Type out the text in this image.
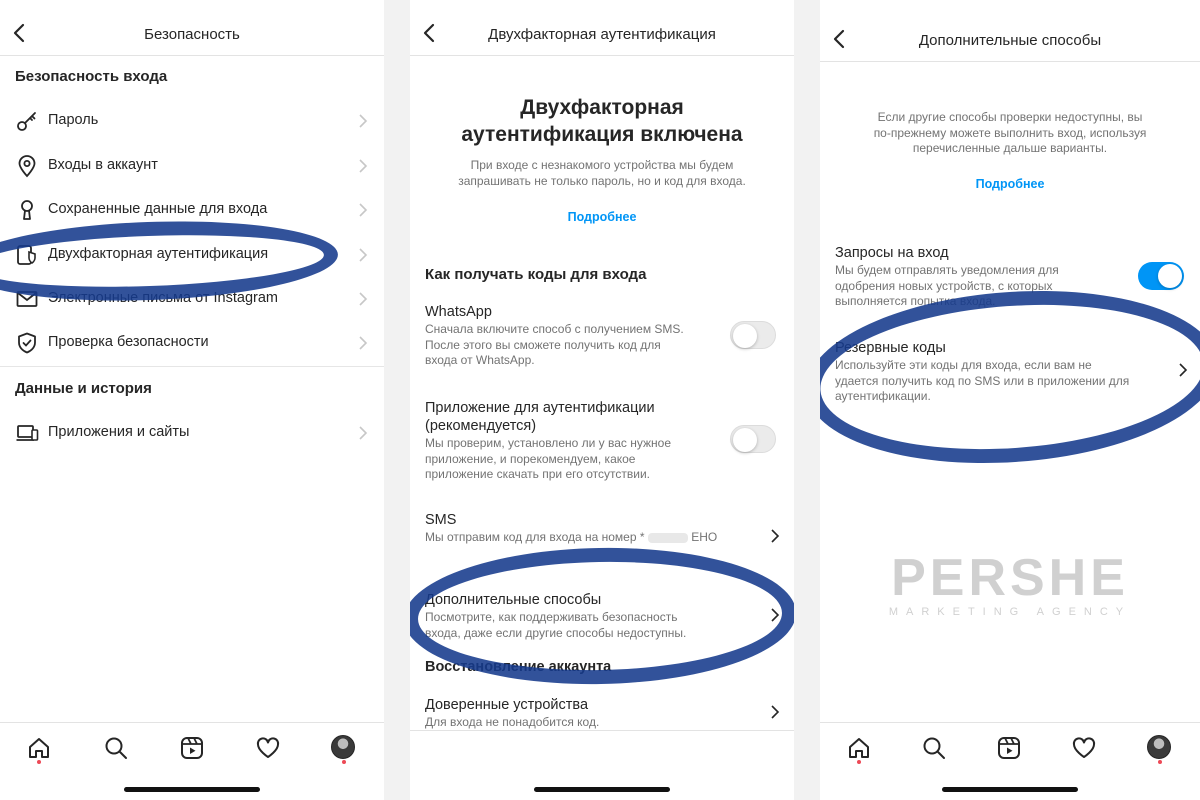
Безопасность
Безопасность входа
Пароль
Входы в аккаунт
Сохраненные данные для входа
Двухфакторная аутентификация
Электронные письма от Instagram
Проверка безопасности
Данные и история
Приложения и сайты
Двухфакторная аутентификация
Двухфакторная
аутентификация включена
При входе с незнакомого устройства мы будем
запрашивать не только пароль, но и код для входа.
Подробнее
Как получать коды для входа
WhatsApp
Сначала включите способ с получением SMS.
После этого вы сможете получить код для
входа от WhatsApp.
Приложение для аутентификации
(рекомендуется)
Мы проверим, установлено ли у вас нужное
приложение, и порекомендуем, какое
приложение скачать при его отсутствии.
SMS
Мы отправим код для входа на номер *	ЕНО
Дополнительные способы
Посмотрите, как поддерживать безопасность
входа, даже если другие способы недоступны.
Восстановление аккаунта
Доверенные устройства
Для входа не понадобится код.
Дополнительные способы
Если другие способы проверки недоступны, вы
по-прежнему можете выполнить вход, используя
перечисленные дальше варианты.
Подробнее
Запросы на вход
Мы будем отправлять уведомления для
одобрения новых устройств, с которых
выполняется попытка входа.
Резервные коды
Используйте эти коды для входа, если вам не
удается получить код по SMS или в приложении для
аутентификации.
PERSHE
MARKETING AGENCY
